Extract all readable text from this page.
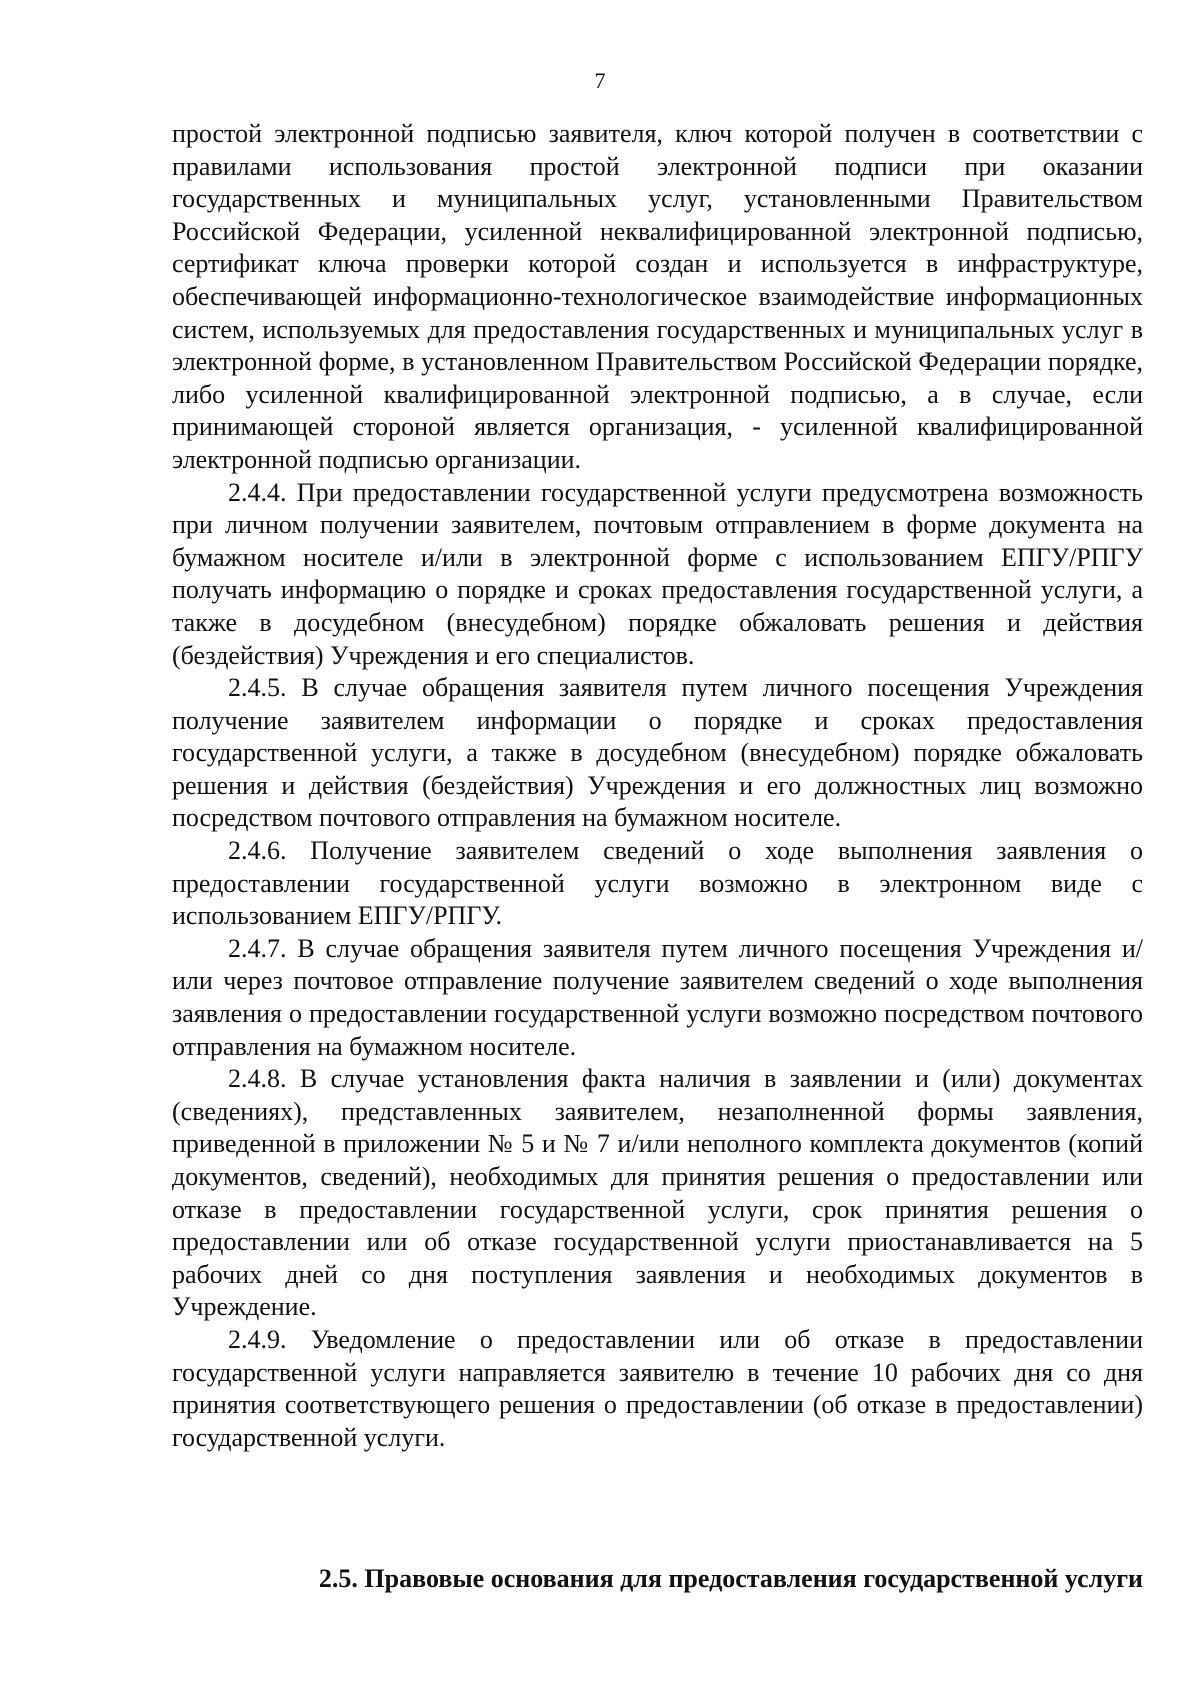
7

простой электронной подписью заявителя, ключ которой получен в соответствии с правилами использования простой электронной подписи при оказании государственных и муниципальных услуг, установленными Правительством Российской Федерации, усиленной неквалифицированной электронной подписью, сертификат ключа проверки которой создан и используется в инфраструктуре, обеспечивающей информационно-технологическое взаимодействие информационных систем, используемых для предоставления государственных и муниципальных услуг в электронной форме, в установленном Правительством Российской Федерации порядке, либо усиленной квалифицированной электронной подписью, а в случае, если принимающей стороной является организация, - усиленной квалифицированной электронной подписью организации.

2.4.4. При предоставлении государственной услуги предусмотрена возможность при личном получении заявителем, почтовым отправлением в форме документа на бумажном носителе и/или в электронной форме с использованием ЕПГУ/РПГУ получать информацию о порядке и сроках предоставления государственной услуги, а также в досудебном (внесудебном) порядке обжаловать решения и действия (бездействия) Учреждения и его специалистов.

2.4.5. В случае обращения заявителя путем личного посещения Учреждения получение заявителем информации о порядке и сроках предоставления государственной услуги, а также в досудебном (внесудебном) порядке обжаловать решения и действия (бездействия) Учреждения и его должностных лиц возможно посредством почтового отправления на бумажном носителе.

2.4.6. Получение заявителем сведений о ходе выполнения заявления о предоставлении государственной услуги возможно в электронном виде с использованием ЕПГУ/РПГУ.

2.4.7. В случае обращения заявителя путем личного посещения Учреждения и/или через почтовое отправление получение заявителем сведений о ходе выполнения заявления о предоставлении государственной услуги возможно посредством почтового отправления на бумажном носителе.

2.4.8. В случае установления факта наличия в заявлении и (или) документах (сведениях), представленных заявителем, незаполненной формы заявления, приведенной в приложении № 5 и № 7 и/или неполного комплекта документов (копий документов, сведений), необходимых для принятия решения о предоставлении или отказе в предоставлении государственной услуги, срок принятия решения о предоставлении или об отказе государственной услуги приостанавливается на 5 рабочих дней со дня поступления заявления и необходимых документов в Учреждение.

2.4.9. Уведомление о предоставлении или об отказе в предоставлении государственной услуги направляется заявителю в течение 10 рабочих дня со дня принятия соответствующего решения о предоставлении (об отказе в предоставлении) государственной услуги.

2.5. Правовые основания для предоставления государственной услуги
